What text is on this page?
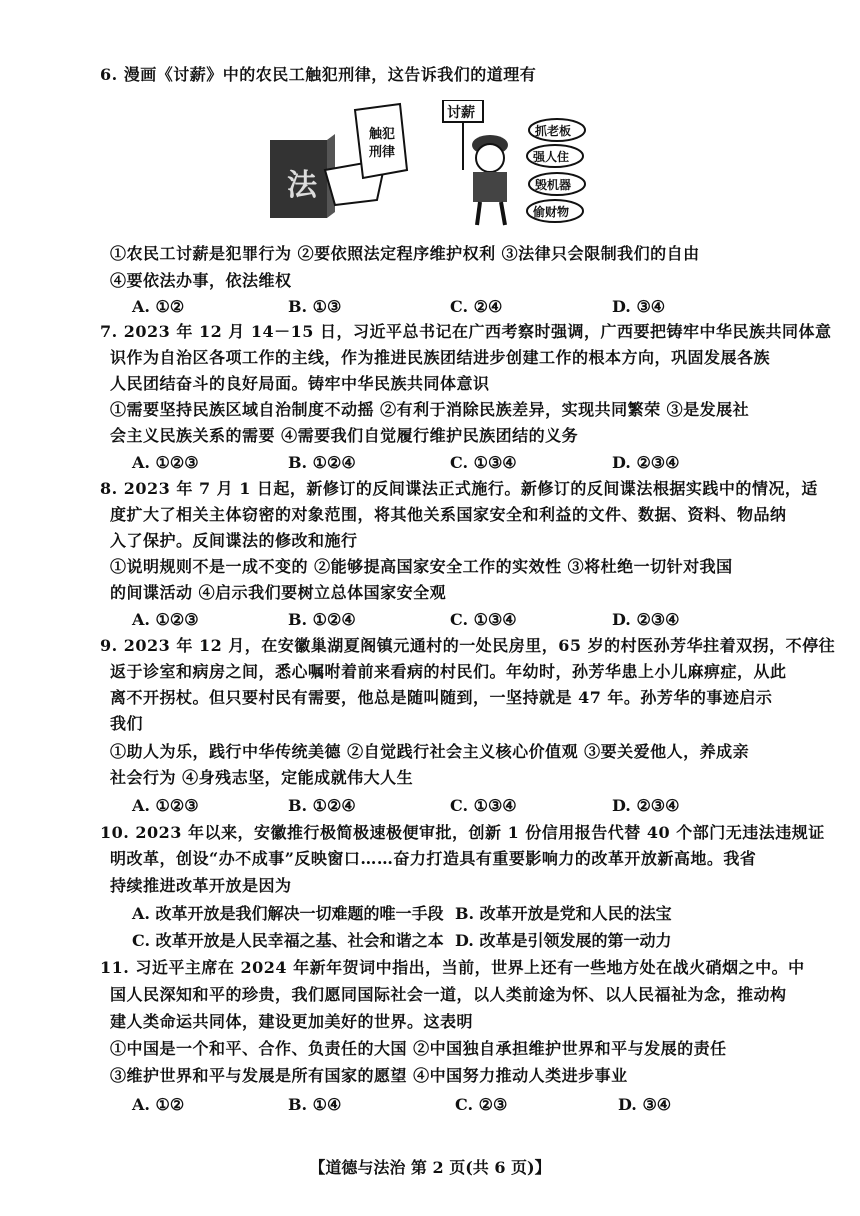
6. 漫画《讨薪》中的农民工触犯刑律，这告诉我们的道理有
法
触犯
刑律
讨薪
抓老板
强人住
毁机器
偷财物
①农民工讨薪是犯罪行为 ②要依照法定程序维护权利 ③法律只会限制我们的自由
④要依法办事，依法维权
A. ①②	B. ①③	C. ②④	D. ③④
7. 2023 年 12 月 14－15 日，习近平总书记在广西考察时强调，广西要把铸牢中华民族共同体意
识作为自治区各项工作的主线，作为推进民族团结进步创建工作的根本方向，巩固发展各族
人民团结奋斗的良好局面。铸牢中华民族共同体意识
①需要坚持民族区域自治制度不动摇 ②有利于消除民族差异，实现共同繁荣 ③是发展社
会主义民族关系的需要 ④需要我们自觉履行维护民族团结的义务
A. ①②③	B. ①②④	C. ①③④	D. ②③④
8. 2023 年 7 月 1 日起，新修订的反间谍法正式施行。新修订的反间谍法根据实践中的情况，适
度扩大了相关主体窃密的对象范围，将其他关系国家安全和利益的文件、数据、资料、物品纳
入了保护。反间谍法的修改和施行
①说明规则不是一成不变的 ②能够提高国家安全工作的实效性 ③将杜绝一切针对我国
的间谍活动 ④启示我们要树立总体国家安全观
A. ①②③	B. ①②④	C. ①③④	D. ②③④
9. 2023 年 12 月，在安徽巢湖夏阁镇元通村的一处民房里，65 岁的村医孙芳华拄着双拐，不停往
返于诊室和病房之间，悉心嘱咐着前来看病的村民们。年幼时，孙芳华患上小儿麻痹症，从此
离不开拐杖。但只要村民有需要，他总是随叫随到，一坚持就是 47 年。孙芳华的事迹启示
我们
①助人为乐，践行中华传统美德 ②自觉践行社会主义核心价值观 ③要关爱他人，养成亲
社会行为 ④身残志坚，定能成就伟大人生
A. ①②③	B. ①②④	C. ①③④	D. ②③④
10. 2023 年以来，安徽推行极简极速极便审批，创新 1 份信用报告代替 40 个部门无违法违规证
明改革，创设“办不成事”反映窗口……奋力打造具有重要影响力的改革开放新高地。我省
持续推进改革开放是因为
A. 改革开放是我们解决一切难题的唯一手段 B. 改革开放是党和人民的法宝
C. 改革开放是人民幸福之基、社会和谐之本 D. 改革是引领发展的第一动力
11. 习近平主席在 2024 年新年贺词中指出，当前，世界上还有一些地方处在战火硝烟之中。中
国人民深知和平的珍贵，我们愿同国际社会一道，以人类前途为怀、以人民福祉为念，推动构
建人类命运共同体，建设更加美好的世界。这表明
①中国是一个和平、合作、负责任的大国 ②中国独自承担维护世界和平与发展的责任
③维护世界和平与发展是所有国家的愿望 ④中国努力推动人类进步事业
A. ①②	B. ①④	C. ②③	D. ③④
【道德与法治 第 2 页(共 6 页)】
